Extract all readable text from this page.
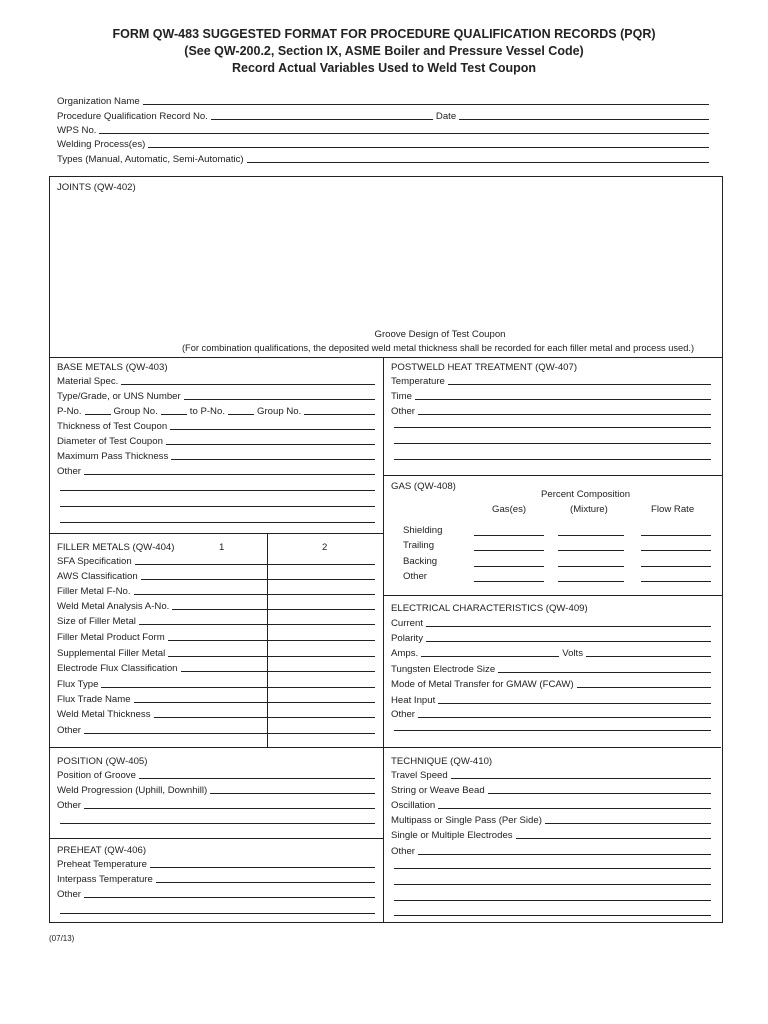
FORM QW-483 SUGGESTED FORMAT FOR PROCEDURE QUALIFICATION RECORDS (PQR)
(See QW-200.2, Section IX, ASME Boiler and Pressure Vessel Code)
Record Actual Variables Used to Weld Test Coupon
Organization Name
Procedure Qualification Record No.	Date
WPS No.
Welding Process(es)
Types (Manual, Automatic, Semi-Automatic)
JOINTS (QW-402)
Groove Design of Test Coupon
(For combination qualifications, the deposited weld metal thickness shall be recorded for each filler metal and process used.)
BASE METALS (QW-403)
Material Spec.
Type/Grade, or UNS Number
P-No.	Group No.	to P-No.	Group No.
Thickness of Test Coupon
Diameter of Test Coupon
Maximum Pass Thickness
Other
POSTWELD HEAT TREATMENT (QW-407)
Temperature
Time
Other
GAS (QW-408)
Percent Composition
Gas(es)	(Mixture)	Flow Rate
Shielding
Trailing
Backing
Other
FILLER METALS (QW-404)	1	2
SFA Specification
AWS Classification
Filler Metal F-No.
Weld Metal Analysis A-No.
Size of Filler Metal
Filler Metal Product Form
Supplemental Filler Metal
Electrode Flux Classification
Flux Type
Flux Trade Name
Weld Metal Thickness
Other
ELECTRICAL CHARACTERISTICS (QW-409)
Current
Polarity
Amps.	Volts
Tungsten Electrode Size
Mode of Metal Transfer for GMAW (FCAW)
Heat Input
Other
POSITION (QW-405)
Position of Groove
Weld Progression (Uphill, Downhill)
Other
TECHNIQUE (QW-410)
Travel Speed
String or Weave Bead
Oscillation
Multipass or Single Pass (Per Side)
Single or Multiple Electrodes
Other
PREHEAT (QW-406)
Preheat Temperature
Interpass Temperature
Other
(07/13)
